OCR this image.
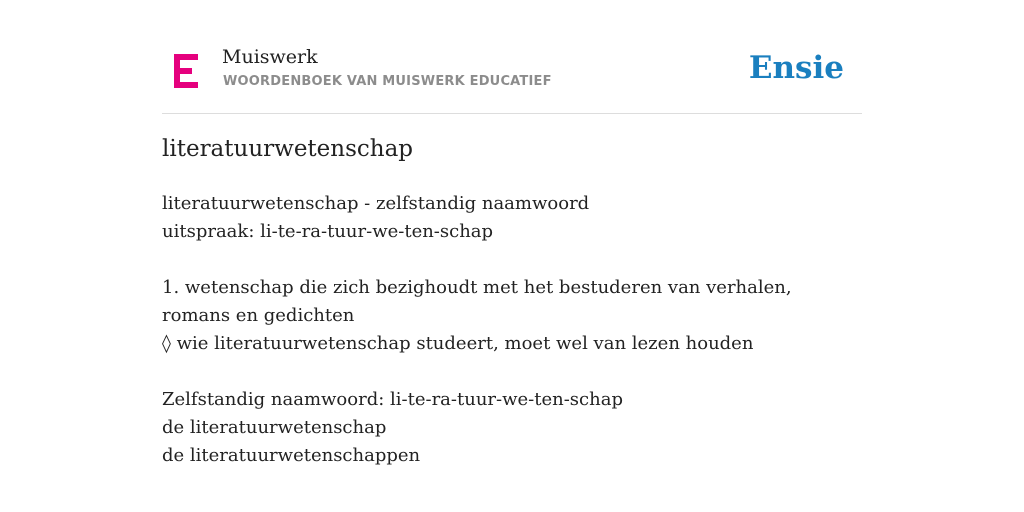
Muiswerk
WOORDENBOEK VAN MUISWERK EDUCATIEF	Ensie
literatuurwetenschap
literatuurwetenschap - zelfstandig naamwoord
uitspraak: li-te-ra-tuur-we-ten-schap
1. wetenschap die zich bezighoudt met het bestuderen van verhalen, romans en gedichten
◊ wie literatuurwetenschap studeert, moet wel van lezen houden
Zelfstandig naamwoord: li-te-ra-tuur-we-ten-schap
de literatuurwetenschap
de literatuurwetenschappen
